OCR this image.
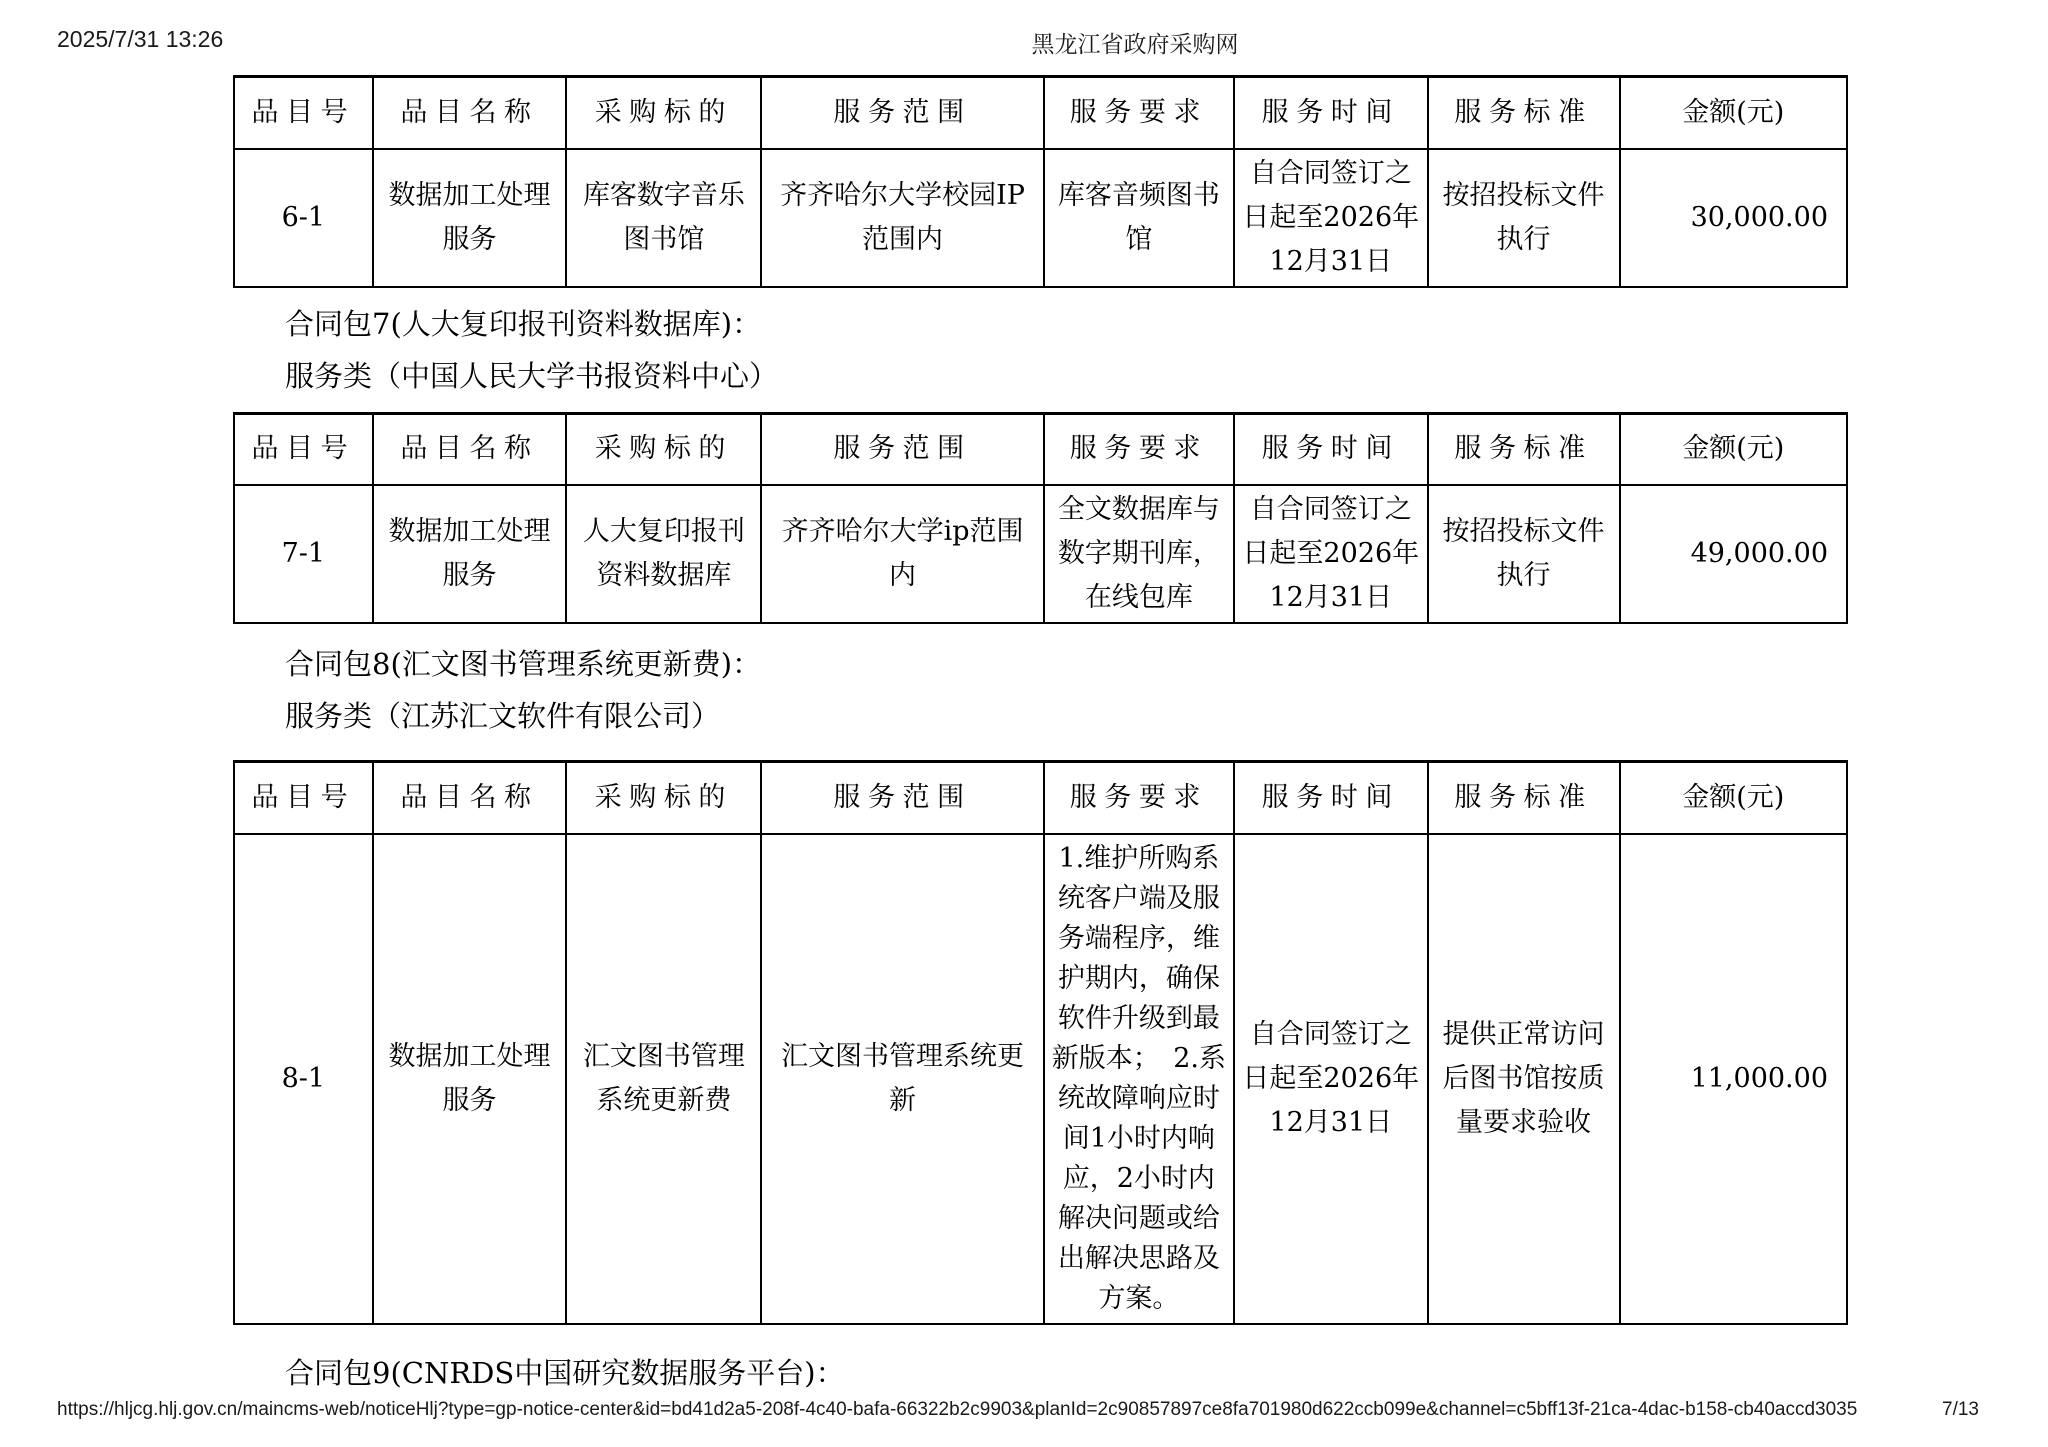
2025/7/31 13:26	黑龙江省政府采购网
品目号	品目名称	采购标的	服务范围	服务要求	服务时间	服务标准	金额(元)
6-1	数据加工处理服务	库客数字音乐图书馆	齐齐哈尔大学校园IP范围内	库客音频图书馆	自合同签订之日起至2026年12月31日	按招投标文件执行	30,000.00

合同包7(人大复印报刊资料数据库)：

服务类（中国人民大学书报资料中心）

品目号	品目名称	采购标的	服务范围	服务要求	服务时间	服务标准	金额(元)
7-1	数据加工处理服务	人大复印报刊资料数据库	齐齐哈尔大学ip范围内	全文数据库与数字期刊库，在线包库	自合同签订之日起至2026年12月31日	按招投标文件执行	49,000.00

合同包8(汇文图书管理系统更新费)：

服务类（江苏汇文软件有限公司）

品目号	品目名称	采购标的	服务范围	服务要求	服务时间	服务标准	金额(元)
8-1	数据加工处理服务	汇文图书管理系统更新费	汇文图书管理系统更新	1.维护所购系统客户端及服务端程序，维护期内，确保软件升级到最新版本；　2.系统故障响应时间1小时内响应，2小时内解决问题或给出解决思路及方案。	自合同签订之日起至2026年12月31日	提供正常访问后图书馆按质量要求验收	11,000.00

合同包9(CNRDS中国研究数据服务平台)：

https://hljcg.hlj.gov.cn/maincms-web/noticeHlj?type=gp-notice-center&id=bd41d2a5-208f-4c40-bafa-66322b2c9903&planId=2c90857897ce8fa701980d622ccb099e&channel=c5bff13f-21ca-4dac-b158-cb40accd3035	7/13
